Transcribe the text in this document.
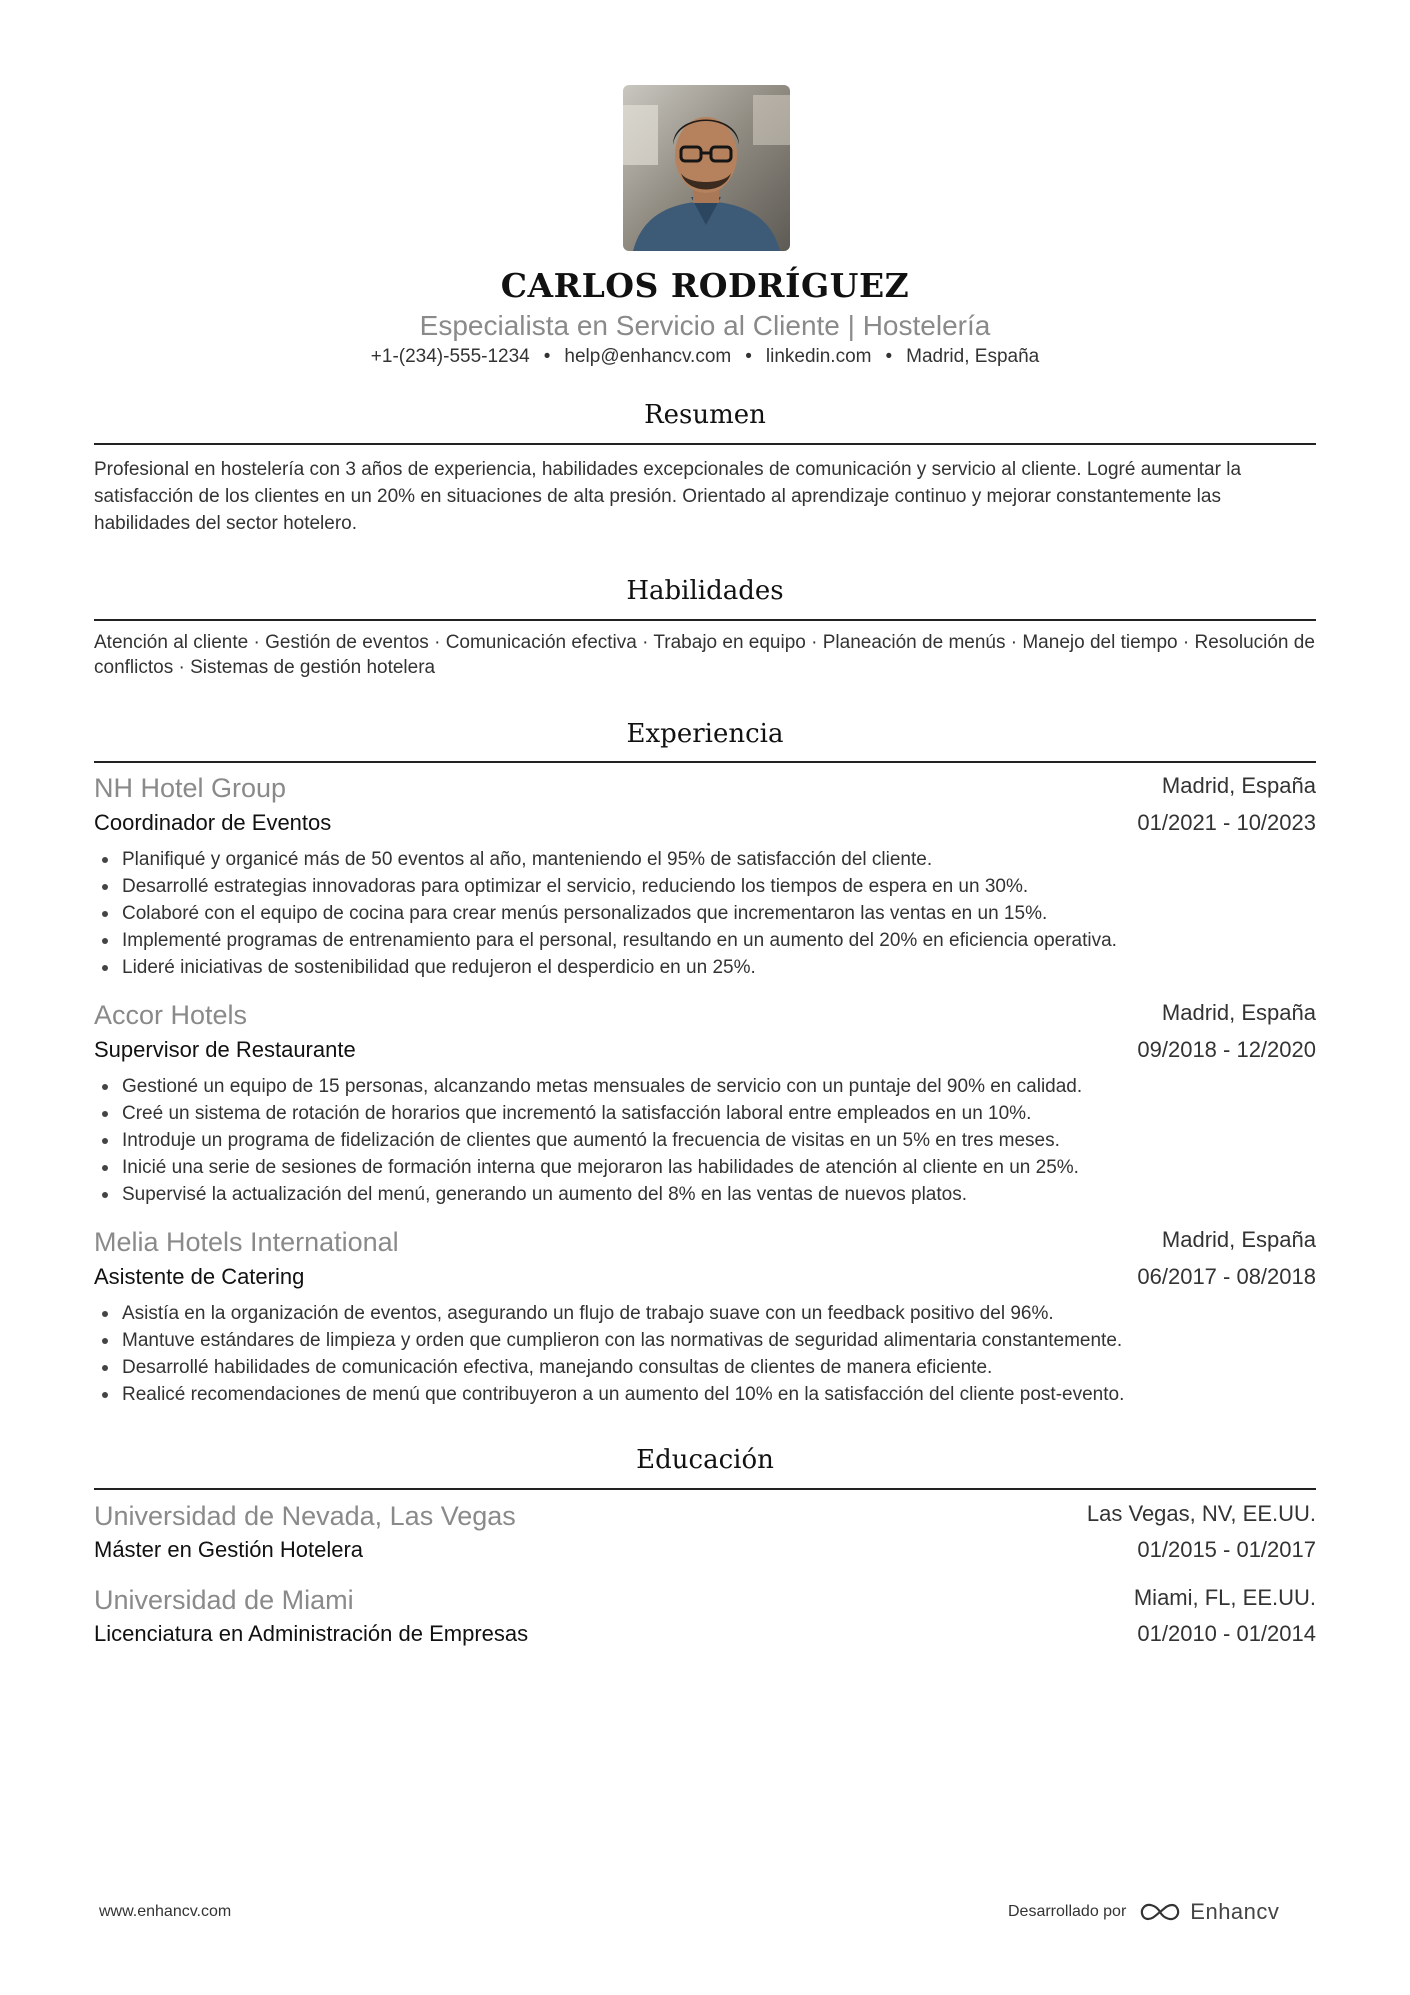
CARLOS RODRÍGUEZ
Especialista en Servicio al Cliente | Hostelería
+1-(234)-555-1234 • help@enhancv.com • linkedin.com • Madrid, España
Resumen
Profesional en hostelería con 3 años de experiencia, habilidades excepcionales de comunicación y servicio al cliente. Logré aumentar la satisfacción de los clientes en un 20% en situaciones de alta presión. Orientado al aprendizaje continuo y mejorar constantemente las habilidades del sector hotelero.
Habilidades
Atención al cliente · Gestión de eventos · Comunicación efectiva · Trabajo en equipo · Planeación de menús · Manejo del tiempo · Resolución de conflictos · Sistemas de gestión hotelera
Experiencia
NH Hotel Group	Madrid, España
Coordinador de Eventos	01/2021 - 10/2023
Planifiqué y organicé más de 50 eventos al año, manteniendo el 95% de satisfacción del cliente.
Desarrollé estrategias innovadoras para optimizar el servicio, reduciendo los tiempos de espera en un 30%.
Colaboré con el equipo de cocina para crear menús personalizados que incrementaron las ventas en un 15%.
Implementé programas de entrenamiento para el personal, resultando en un aumento del 20% en eficiencia operativa.
Lideré iniciativas de sostenibilidad que redujeron el desperdicio en un 25%.
Accor Hotels	Madrid, España
Supervisor de Restaurante	09/2018 - 12/2020
Gestioné un equipo de 15 personas, alcanzando metas mensuales de servicio con un puntaje del 90% en calidad.
Creé un sistema de rotación de horarios que incrementó la satisfacción laboral entre empleados en un 10%.
Introduje un programa de fidelización de clientes que aumentó la frecuencia de visitas en un 5% en tres meses.
Inicié una serie de sesiones de formación interna que mejoraron las habilidades de atención al cliente en un 25%.
Supervisé la actualización del menú, generando un aumento del 8% en las ventas de nuevos platos.
Melia Hotels International	Madrid, España
Asistente de Catering	06/2017 - 08/2018
Asistía en la organización de eventos, asegurando un flujo de trabajo suave con un feedback positivo del 96%.
Mantuve estándares de limpieza y orden que cumplieron con las normativas de seguridad alimentaria constantemente.
Desarrollé habilidades de comunicación efectiva, manejando consultas de clientes de manera eficiente.
Realicé recomendaciones de menú que contribuyeron a un aumento del 10% en la satisfacción del cliente post-evento.
Educación
Universidad de Nevada, Las Vegas	Las Vegas, NV, EE.UU.
Máster en Gestión Hotelera	01/2015 - 01/2017
Universidad de Miami	Miami, FL, EE.UU.
Licenciatura en Administración de Empresas	01/2010 - 01/2014
www.enhancv.com	Desarrollado por	Enhancv
